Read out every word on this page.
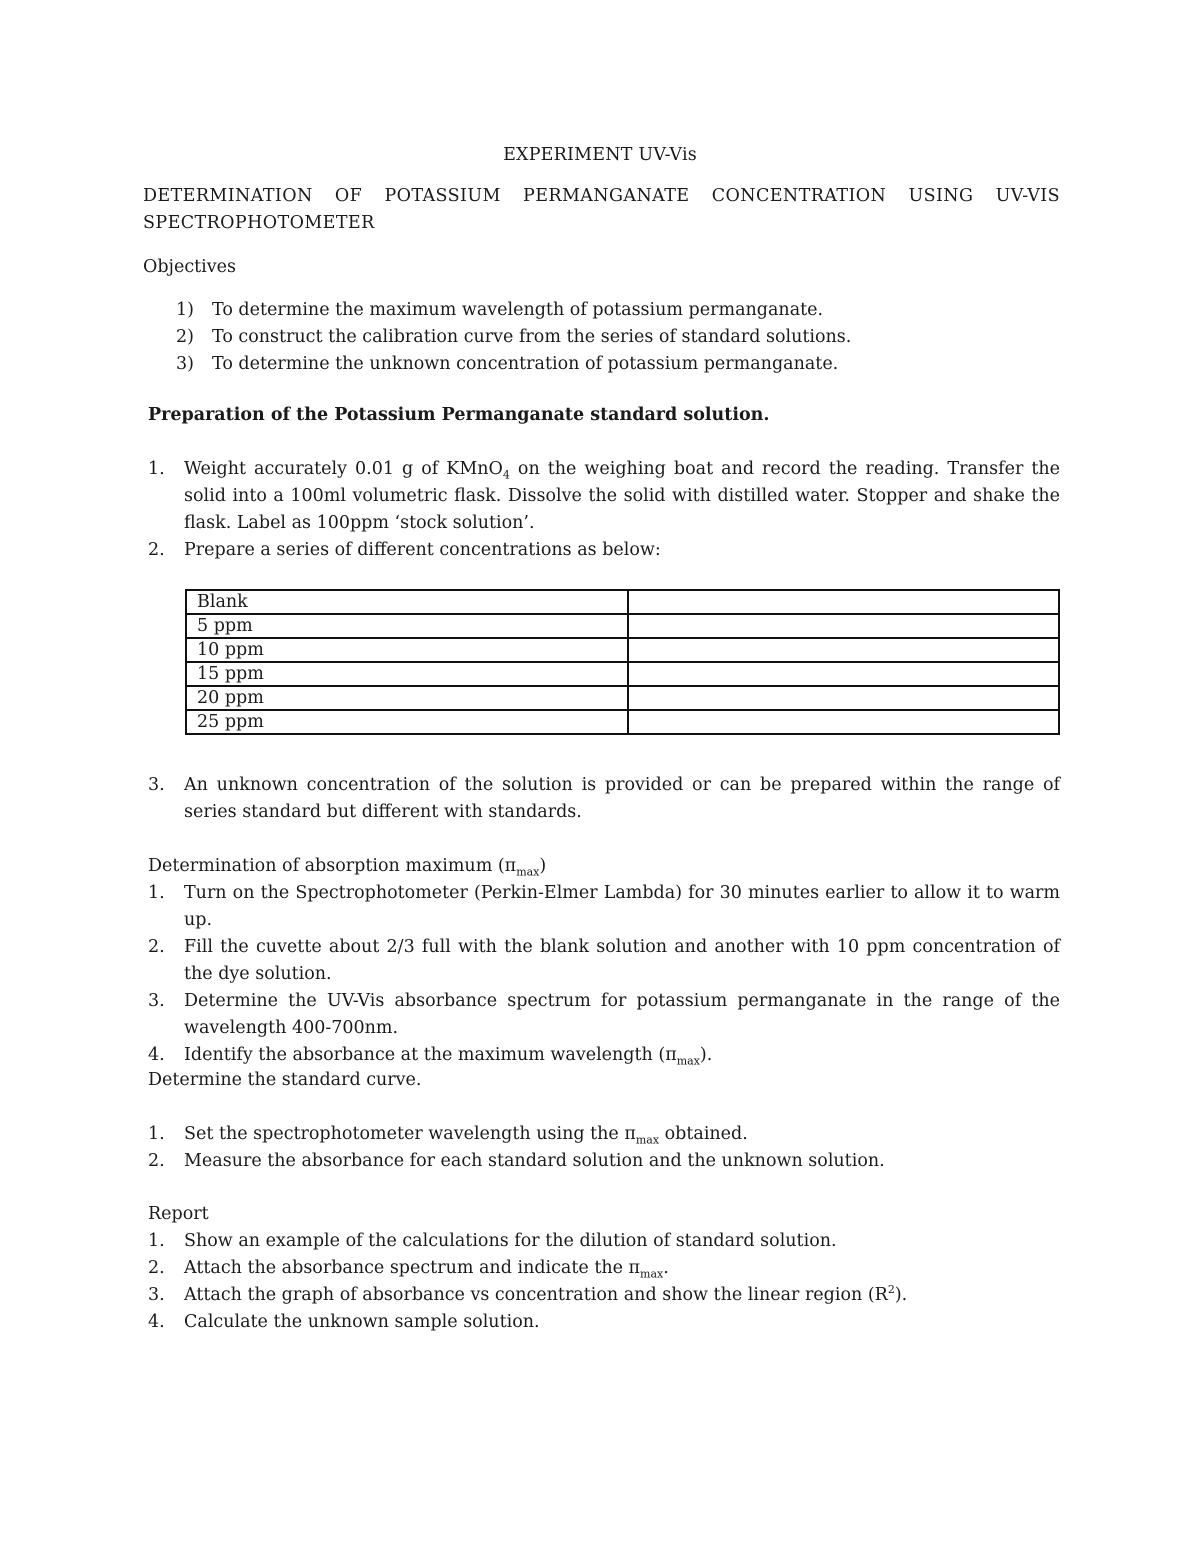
EXPERIMENT UV-Vis
DETERMINATION OF POTASSIUM PERMANGANATE CONCENTRATION USING UV-VIS SPECTROPHOTOMETER
Objectives
1) To determine the maximum wavelength of potassium permanganate.
2) To construct the calibration curve from the series of standard solutions.
3) To determine the unknown concentration of potassium permanganate.
Preparation of the Potassium Permanganate standard solution.
1. Weight accurately 0.01 g of KMnO$_4$ on the weighing boat and record the reading. Transfer the solid into a 100ml volumetric flask. Dissolve the solid with distilled water. Stopper and shake the flask. Label as 100ppm ‘stock solution’.
2. Prepare a series of different concentrations as below:
Blank	
5 ppm	
10 ppm	
15 ppm	
20 ppm	
25 ppm	
3. An unknown concentration of the solution is provided or can be prepared within the range of series standard but different with standards.
Determination of absorption maximum $(\pi_{max})$
1. Turn on the Spectrophotometer (Perkin-Elmer Lambda) for 30 minutes earlier to allow it to warm up.
2. Fill the cuvette about 2/3 full with the blank solution and another with 10 ppm concentration of the dye solution.
3. Determine the UV-Vis absorbance spectrum for potassium permanganate in the range of the wavelength 400-700nm.
4. Identify the absorbance at the maximum wavelength $(\pi_{max})$.
Determine the standard curve.
1. Set the spectrophotometer wavelength using the $\pi_{max}$ obtained.
2. Measure the absorbance for each standard solution and the unknown solution.
Report
1. Show an example of the calculations for the dilution of standard solution.
2. Attach the absorbance spectrum and indicate the $\pi_{max}$.
3. Attach the graph of absorbance vs concentration and show the linear region $(R^2)$.
4. Calculate the unknown sample solution.
